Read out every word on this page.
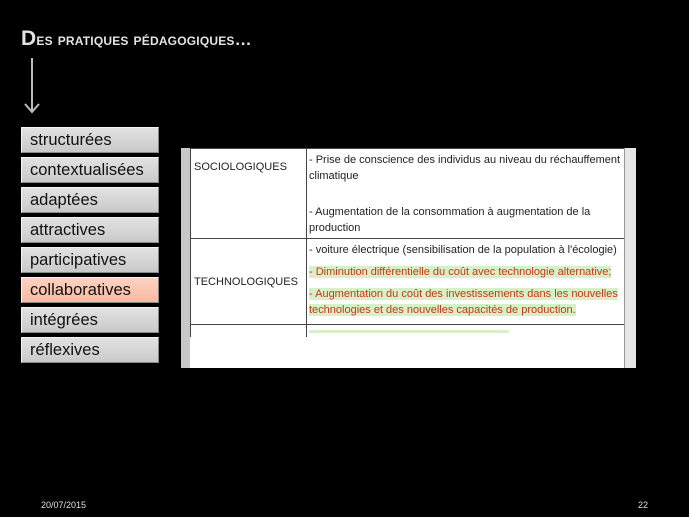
Des pratiques pédagogiques…
structurées
contextualisées
adaptées
attractives
participatives
collaboratives
intégrées
réflexives
SOCIOLOGIQUES	- Prise de conscience des individus au niveau du réchauffement climatique
- Augmentation de la consommation à augmentation de la production

TECHNOLOGIQUES	- voiture électrique (sensibilisation de la population à l'écologie)
- Diminution différentielle du coût avec technologie alternative;
- Augmentation du coût des investissements dans les nouvelles technologies et des nouvelles capacités de production.

20/07/2015	22
